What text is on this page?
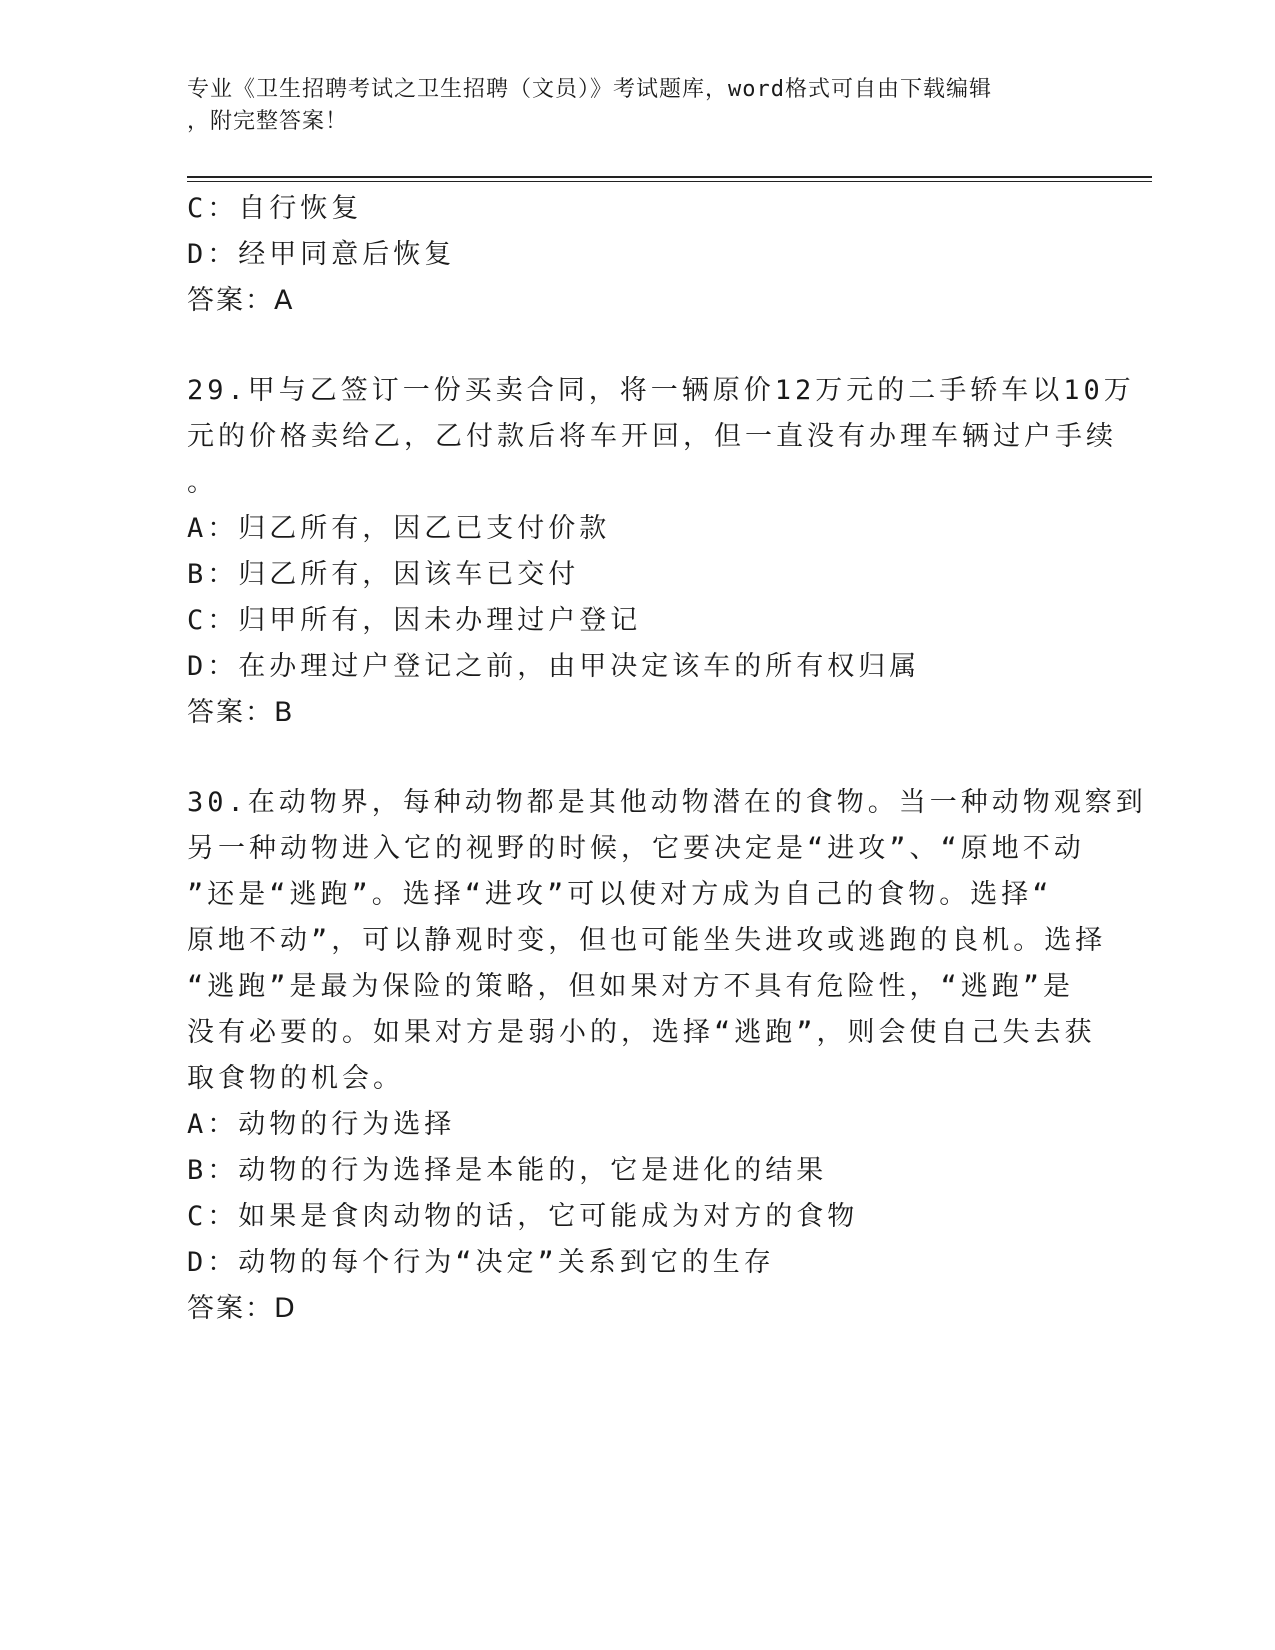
专业《卫生招聘考试之卫生招聘（文员）》考试题库，word格式可自由下载编辑
，附完整答案！
C：自行恢复
D：经甲同意后恢复
答案：A
29.甲与乙签订一份买卖合同，将一辆原价12万元的二手轿车以10万
元的价格卖给乙，乙付款后将车开回，但一直没有办理车辆过户手续
。
A：归乙所有，因乙已支付价款
B：归乙所有，因该车已交付
C：归甲所有，因未办理过户登记
D：在办理过户登记之前，由甲决定该车的所有权归属
答案：B
30.在动物界，每种动物都是其他动物潜在的食物。当一种动物观察到
另一种动物进入它的视野的时候，它要决定是“进攻”、“原地不动
”还是“逃跑”。选择“进攻”可以使对方成为自己的食物。选择“
原地不动”，可以静观时变，但也可能坐失进攻或逃跑的良机。选择
“逃跑”是最为保险的策略，但如果对方不具有危险性，“逃跑”是
没有必要的。如果对方是弱小的，选择“逃跑”，则会使自己失去获
取食物的机会。
A：动物的行为选择
B：动物的行为选择是本能的，它是进化的结果
C：如果是食肉动物的话，它可能成为对方的食物
D：动物的每个行为“决定”关系到它的生存
答案：D
